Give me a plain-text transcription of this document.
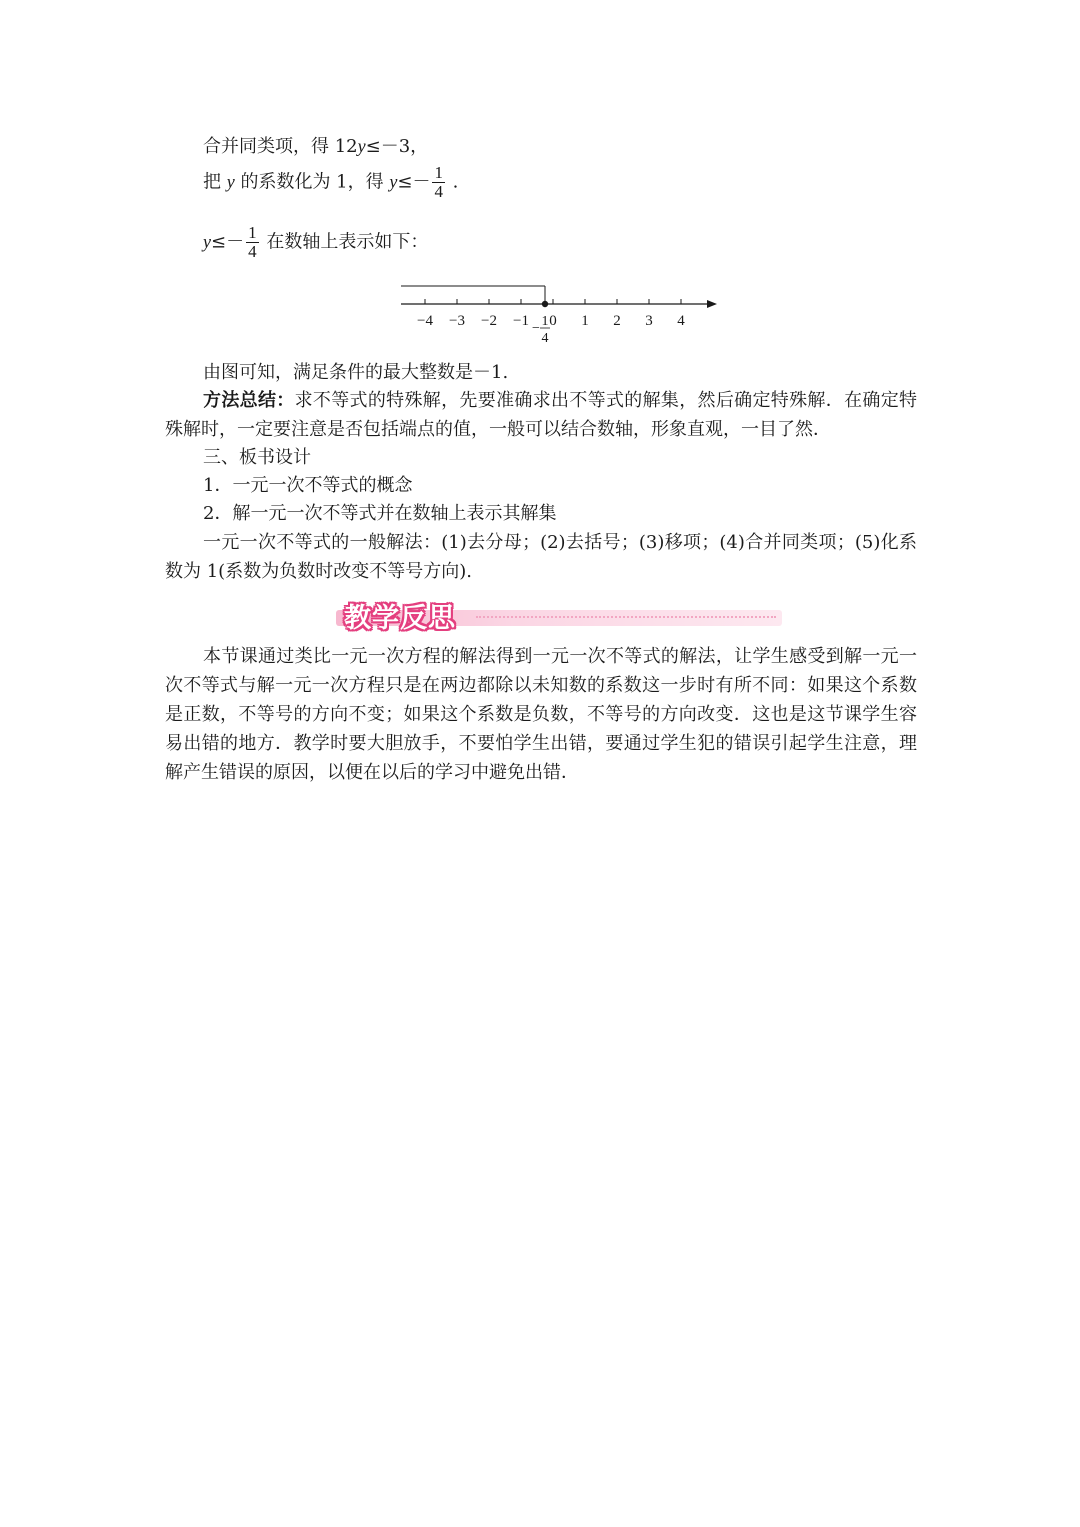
合并同类项，得 12y≤－3，
把 y 的系数化为 1，得 $y\le- \frac{1}{4}$ .
$y\le- \frac{1}{4}$ 在数轴上表示如下：
−4 −3 −2 −1 0 1 2 3 4
− 1
4
由图可知，满足条件的最大整数是－1.
方法总结：求不等式的特殊解，先要准确求出不等式的解集，然后确定特殊解．在确定特殊解时，一定要注意是否包括端点的值，一般可以结合数轴，形象直观，一目了然．
三、板书设计
1．一元一次不等式的概念
2．解一元一次不等式并在数轴上表示其解集
一元一次不等式的一般解法：(1)去分母；(2)去括号；(3)移项；(4)合并同类项；(5)化系数为 1(系数为负数时改变不等号方向).
教学反思
本节课通过类比一元一次方程的解法得到一元一次不等式的解法，让学生感受到解一元一次不等式与解一元一次方程只是在两边都除以未知数的系数这一步时有所不同：如果这个系数是正数，不等号的方向不变；如果这个系数是负数，不等号的方向改变．这也是这节课学生容易出错的地方．教学时要大胆放手，不要怕学生出错，要通过学生犯的错误引起学生注意，理解产生错误的原因，以便在以后的学习中避免出错．
